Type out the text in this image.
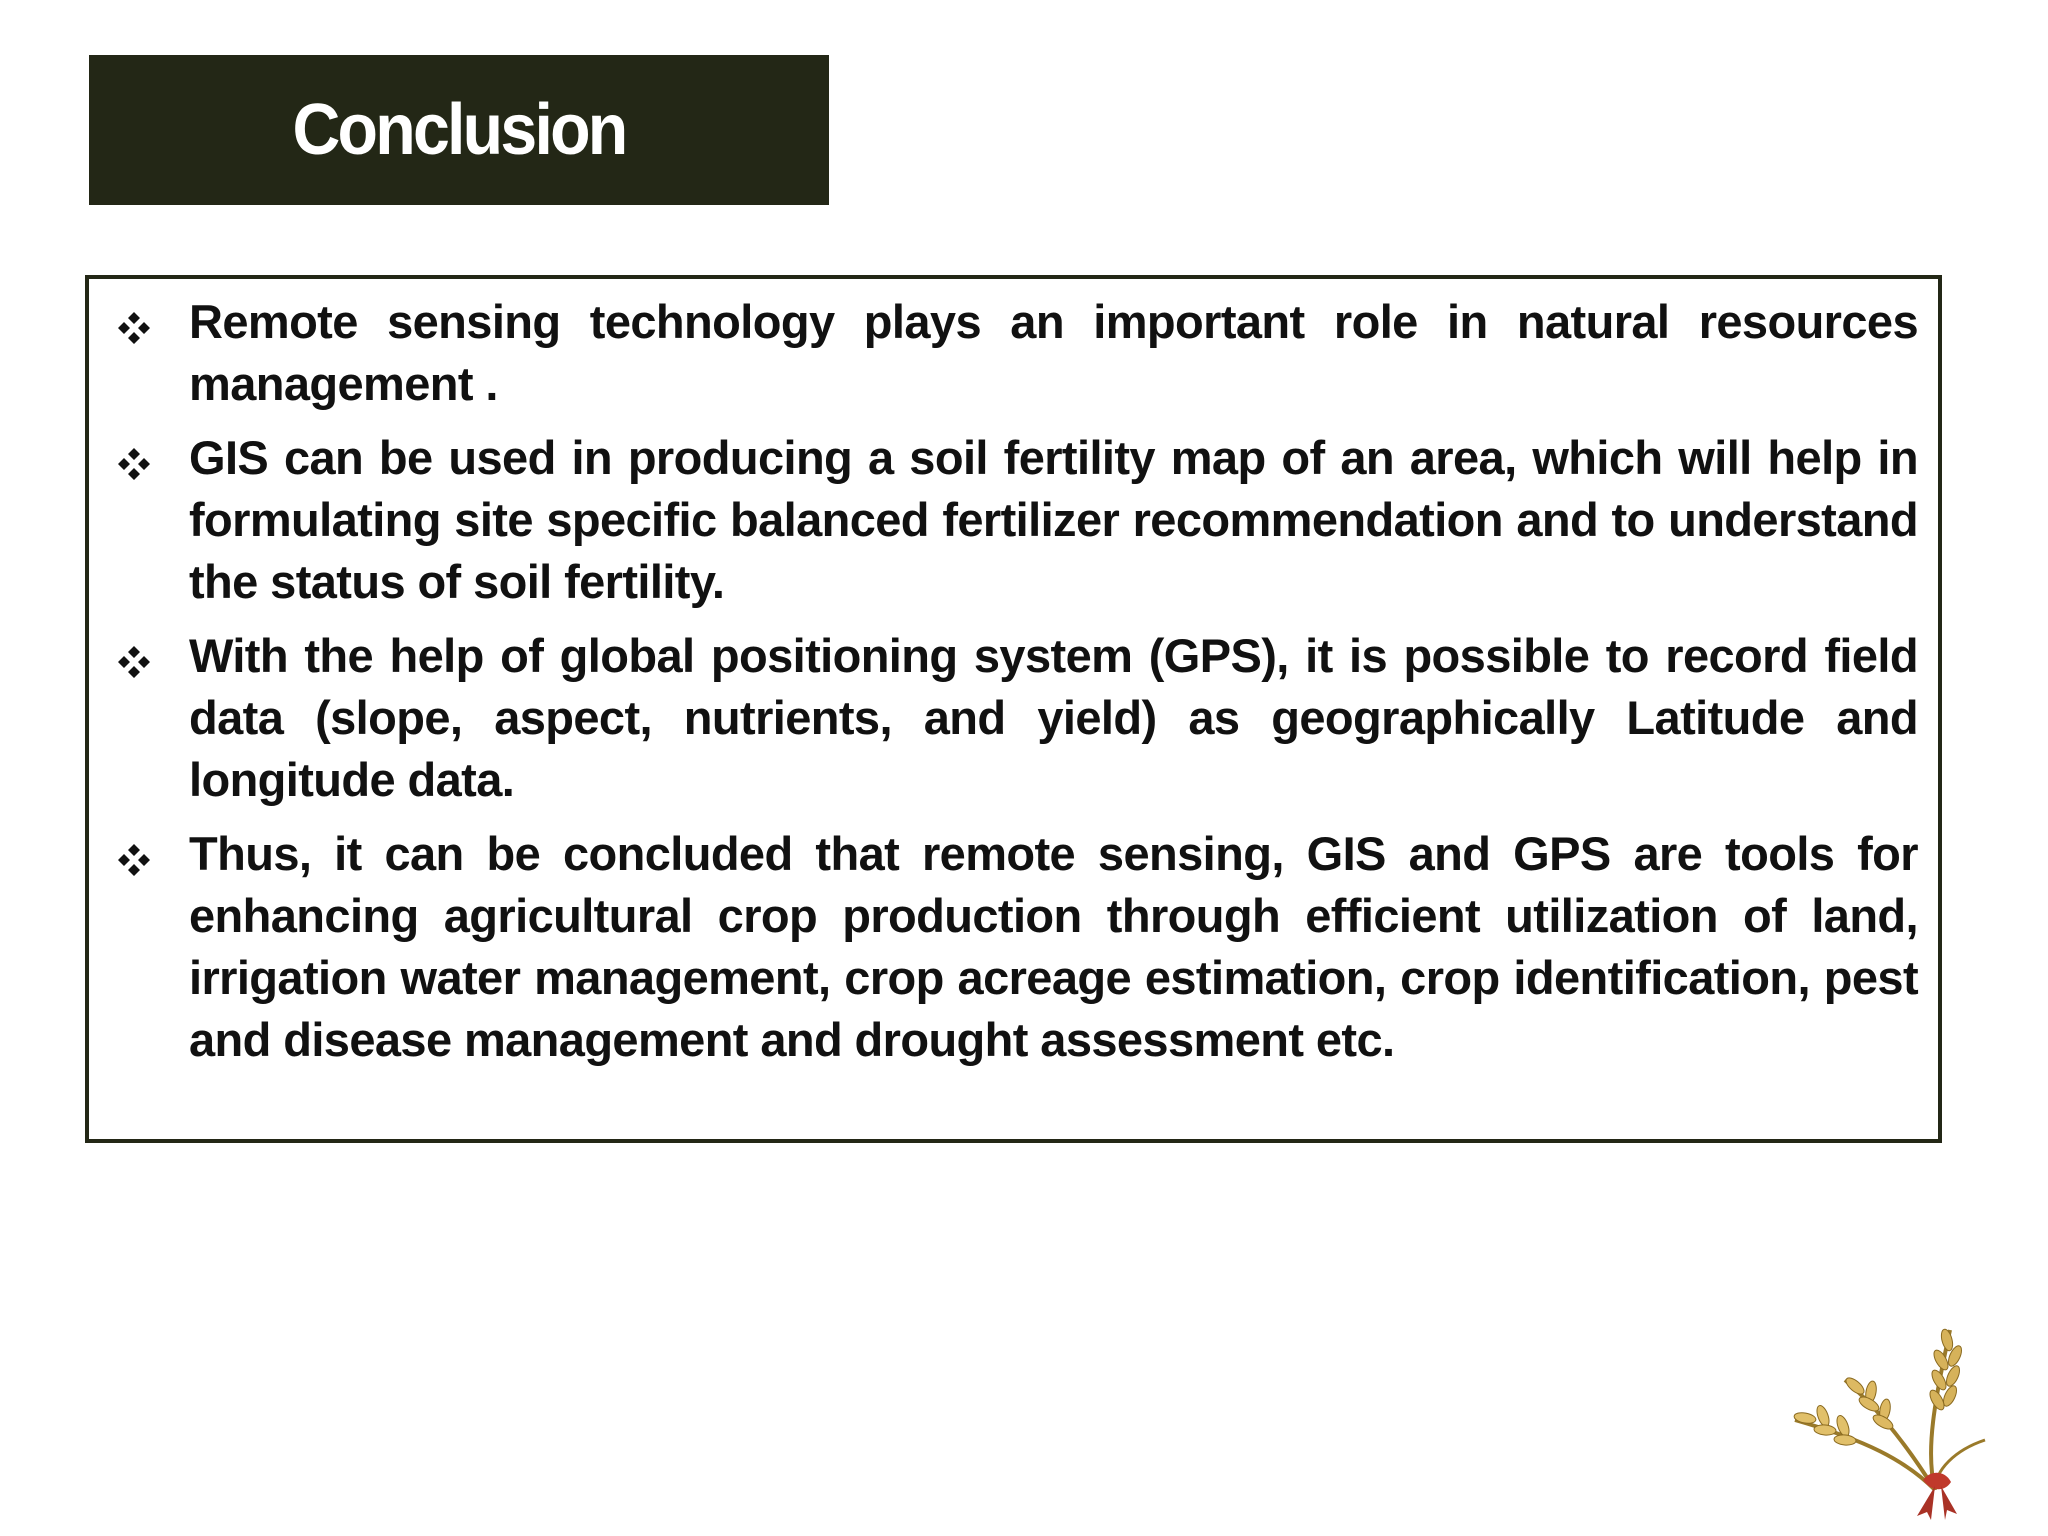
Conclusion
Remote sensing technology plays an important role in natural resources management .
GIS can be used in producing a soil fertility map of an area, which will help in formulating site specific balanced fertilizer recommendation and to understand the status of soil fertility.
With the help of global positioning system (GPS), it is possible to record field data (slope, aspect, nutrients, and yield) as geographically Latitude and longitude data.
Thus, it can be concluded that remote sensing, GIS and GPS are tools for enhancing agricultural crop production through efficient utilization of land, irrigation water management, crop acreage estimation, crop identification, pest and disease management and drought assessment etc.
